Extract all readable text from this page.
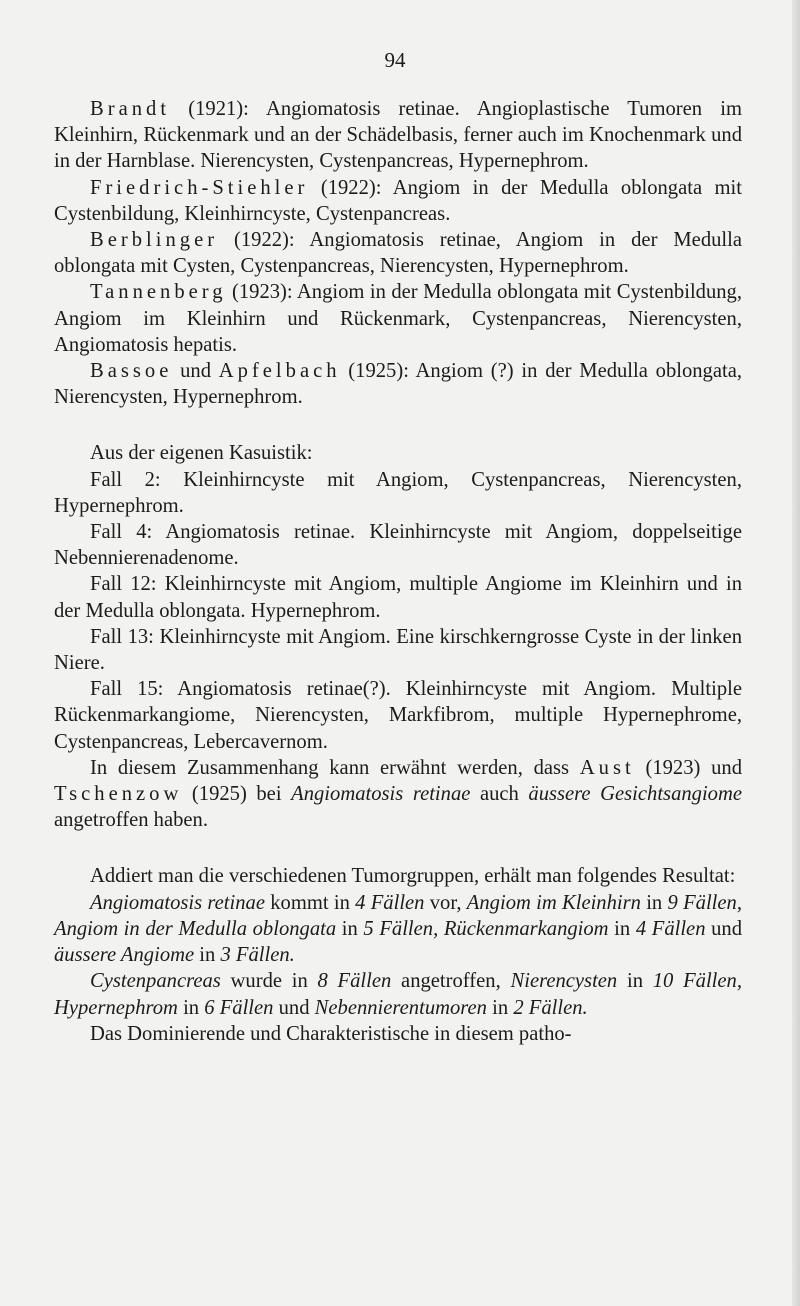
94

Brandt (1921): Angiomatosis retinae. Angioplastische Tumoren im Kleinhirn, Rückenmark und an der Schädelbasis, ferner auch im Knochenmark und in der Harnblase. Nierencysten, Cystenpancreas, Hypernephrom.

Friedrich-Stiehler (1922): Angiom in der Medulla oblongata mit Cystenbildung, Kleinhirncyste, Cystenpancreas.

Berblinger (1922): Angiomatosis retinae, Angiom in der Medulla oblongata mit Cysten, Cystenpancreas, Nierencysten, Hypernephrom.

Tannenberg (1923): Angiom in der Medulla oblongata mit Cystenbildung, Angiom im Kleinhirn und Rückenmark, Cystenpancreas, Nierencysten, Angiomatosis hepatis.

Bassoe und Apfelbach (1925): Angiom (?) in der Medulla oblongata, Nierencysten, Hypernephrom.

Aus der eigenen Kasuistik:

Fall 2: Kleinhirncyste mit Angiom, Cystenpancreas, Nierencysten, Hypernephrom.

Fall 4: Angiomatosis retinae. Kleinhirncyste mit Angiom, doppelseitige Nebennierenadenome.

Fall 12: Kleinhirncyste mit Angiom, multiple Angiome im Kleinhirn und in der Medulla oblongata. Hypernephrom.

Fall 13: Kleinhirncyste mit Angiom. Eine kirschkerngrosse Cyste in der linken Niere.

Fall 15: Angiomatosis retinae(?). Kleinhirncyste mit Angiom. Multiple Rückenmarkangiome, Nierencysten, Markfibrom, multiple Hypernephrome, Cystenpancreas, Lebercavernom.

In diesem Zusammenhang kann erwähnt werden, dass Aust (1923) und Tschenzow (1925) bei Angiomatosis retinae auch äussere Gesichtsangiome angetroffen haben.

Addiert man die verschiedenen Tumorgruppen, erhält man folgendes Resultat:

Angiomatosis retinae kommt in 4 Fällen vor, Angiom im Kleinhirn in 9 Fällen, Angiom in der Medulla oblongata in 5 Fällen, Rückenmarkangiom in 4 Fällen und äussere Angiome in 3 Fällen.

Cystenpancreas wurde in 8 Fällen angetroffen, Nierencysten in 10 Fällen, Hypernephrom in 6 Fällen und Nebennierentumoren in 2 Fällen.

Das Dominierende und Charakteristische in diesem patho-
